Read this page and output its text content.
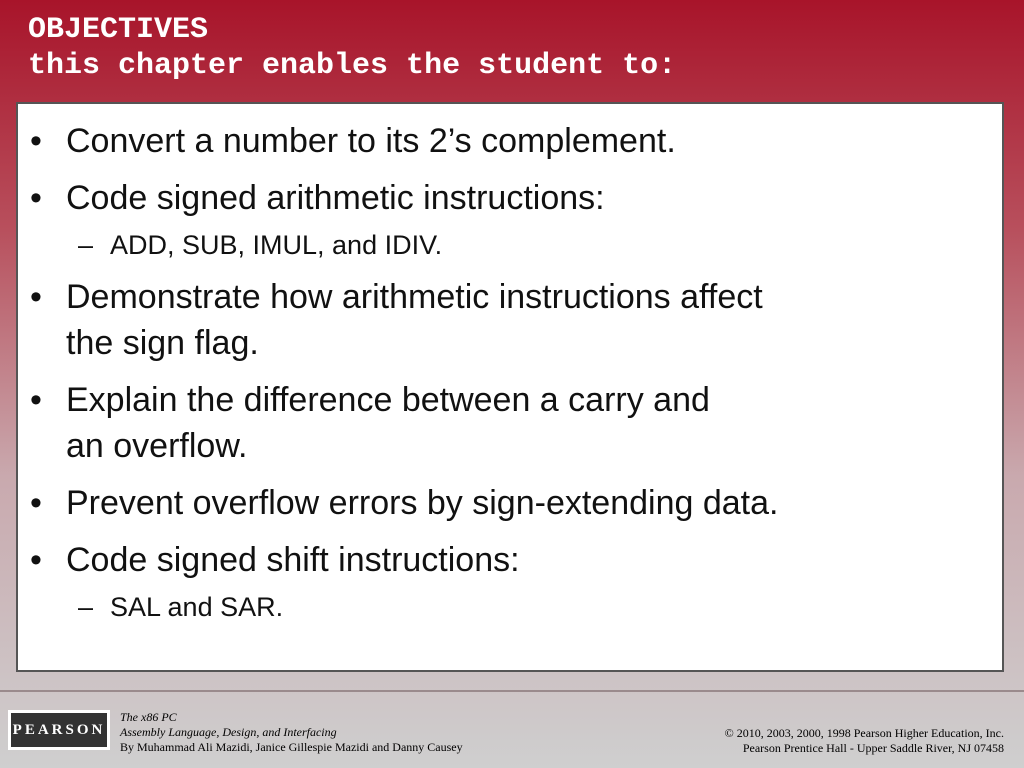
OBJECTIVES
this chapter enables the student to:
• Convert a number to its 2’s complement.
• Code signed arithmetic instructions:
– ADD, SUB, IMUL, and IDIV.
• Demonstrate how arithmetic instructions affect
the sign flag.
• Explain the difference between a carry and
an overflow.
• Prevent overflow errors by sign-extending data.
• Code signed shift instructions:
– SAL and SAR.
PEARSON
The x86 PC
Assembly Language, Design, and Interfacing
By Muhammad Ali Mazidi, Janice Gillespie Mazidi and Danny Causey
© 2010, 2003, 2000, 1998 Pearson Higher Education, Inc.
Pearson Prentice Hall - Upper Saddle River, NJ 07458
